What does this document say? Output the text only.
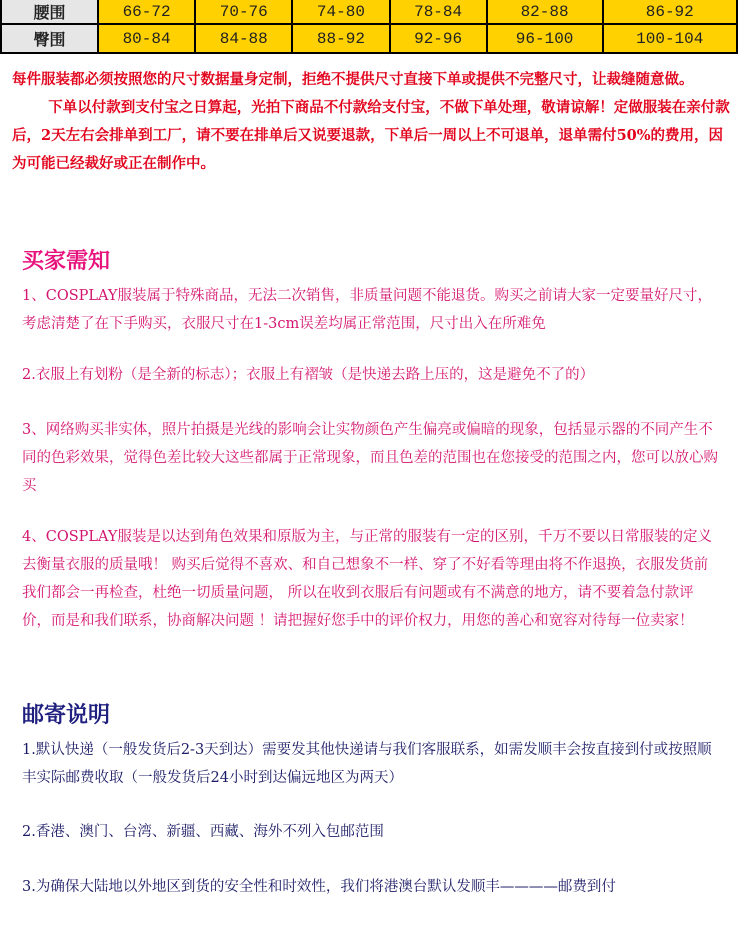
腰围	66-72	70-76	74-80	78-84	82-88	86-92
臀围	80-84	84-88	88-92	92-96	96-100	100-104

每件服装都必须按照您的尺寸数据量身定制，拒绝不提供尺寸直接下单或提供不完整尺寸，让裁缝随意做。

下单以付款到支付宝之日算起，光拍下商品不付款给支付宝，不做下单处理，敬请谅解！定做服装在亲付款后，2天左右会排单到工厂，请不要在排单后又说要退款，下单后一周以上不可退单，退单需付50%的费用，因为可能已经裁好或正在制作中。

买家需知

1、COSPLAY服装属于特殊商品，无法二次销售，非质量问题不能退货。购买之前请大家一定要量好尺寸，考虑清楚了在下手购买，衣服尺寸在1-3cm误差均属正常范围，尺寸出入在所难免

2.衣服上有划粉（是全新的标志）；衣服上有褶皱（是快递去路上压的，这是避免不了的）

3、网络购买非实体，照片拍摄是光线的影响会让实物颜色产生偏亮或偏暗的现象，包括显示器的不同产生不同的色彩效果，觉得色差比较大这些都属于正常现象，而且色差的范围也在您接受的范围之内，您可以放心购买

4、COSPLAY服装是以达到角色效果和原版为主，与正常的服装有一定的区别，千万不要以日常服装的定义去衡量衣服的质量哦！ 购买后觉得不喜欢、和自己想象不一样、穿了不好看等理由将不作退换，衣服发货前我们都会一再检查，杜绝一切质量问题， 所以在收到衣服后有问题或有不满意的地方，请不要着急付款评价，而是和我们联系，协商解决问题 ！请把握好您手中的评价权力，用您的善心和宽容对待每一位卖家！

邮寄说明

1.默认快递（一般发货后2-3天到达）需要发其他快递请与我们客服联系，如需发顺丰会按直接到付或按照顺丰实际邮费收取（一般发货后24小时到达偏远地区为两天）

2.香港、澳门、台湾、新疆、西藏、海外不列入包邮范围

3.为确保大陆地以外地区到货的安全性和时效性，我们将港澳台默认发顺丰————邮费到付
